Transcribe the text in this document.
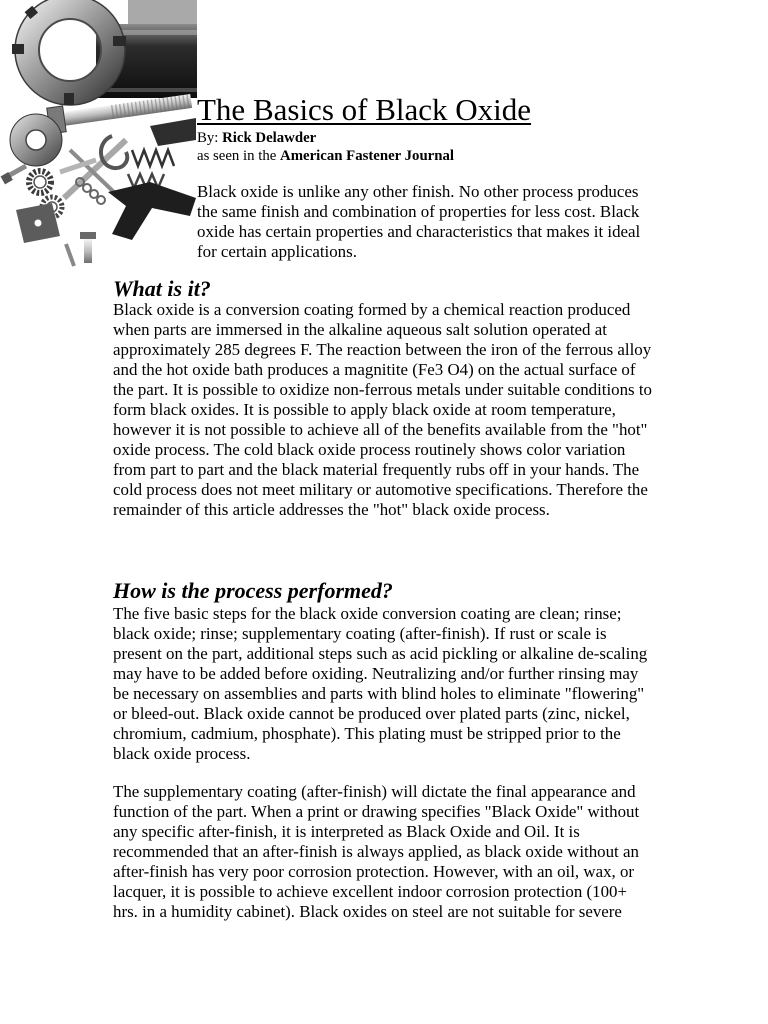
The Basics of Black Oxide
By: Rick Delawder
as seen in the American Fastener Journal
Black oxide is unlike any other finish. No other process produces
the same finish and combination of properties for less cost. Black
oxide has certain properties and characteristics that makes it ideal
for certain applications.
What is it?
Black oxide is a conversion coating formed by a chemical reaction produced
when parts are immersed in the alkaline aqueous salt solution operated at
approximately 285 degrees F. The reaction between the iron of the ferrous alloy
and the hot oxide bath produces a magnitite (Fe3 O4) on the actual surface of
the part. It is possible to oxidize non-ferrous metals under suitable conditions to
form black oxides. It is possible to apply black oxide at room temperature,
however it is not possible to achieve all of the benefits available from the "hot"
oxide process. The cold black oxide process routinely shows color variation
from part to part and the black material frequently rubs off in your hands. The
cold process does not meet military or automotive specifications. Therefore the
remainder of this article addresses the "hot" black oxide process.
How is the process performed?
The five basic steps for the black oxide conversion coating are clean; rinse;
black oxide; rinse; supplementary coating (after-finish). If rust or scale is
present on the part, additional steps such as acid pickling or alkaline de-scaling
may have to be added before oxiding. Neutralizing and/or further rinsing may
be necessary on assemblies and parts with blind holes to eliminate "flowering"
or bleed-out. Black oxide cannot be produced over plated parts (zinc, nickel,
chromium, cadmium, phosphate). This plating must be stripped prior to the
black oxide process.
The supplementary coating (after-finish) will dictate the final appearance and
function of the part. When a print or drawing specifies "Black Oxide" without
any specific after-finish, it is interpreted as Black Oxide and Oil. It is
recommended that an after-finish is always applied, as black oxide without an
after-finish has very poor corrosion protection. However, with an oil, wax, or
lacquer, it is possible to achieve excellent indoor corrosion protection (100+
hrs. in a humidity cabinet). Black oxides on steel are not suitable for severe
